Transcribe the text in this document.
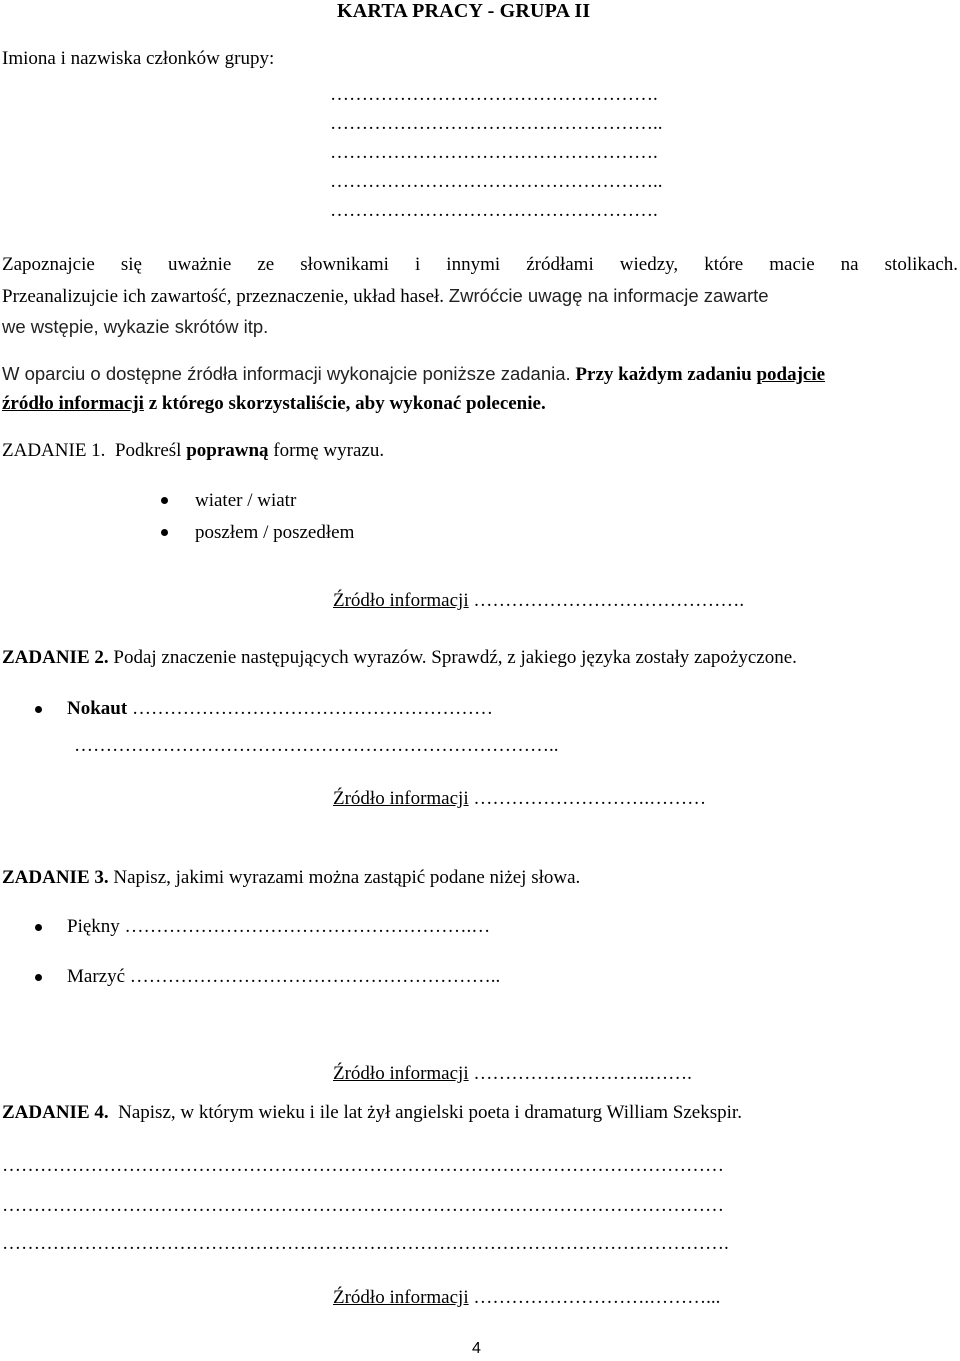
KARTA PRACY - GRUPA II
Imiona i nazwiska członków grupy:
…………………………………………….
……………………………………………..
…………………………………………….
……………………………………………..
…………………………………………….
Zapoznajcie się uważnie ze słownikami i innymi źródłami wiedzy, które macie na stolikach.
Przeanalizujcie ich zawartość, przeznaczenie, układ haseł. Zwróćcie uwagę na informacje zawarte
we wstępie, wykazie skrótów itp.
W oparciu o dostępne źródła informacji wykonajcie poniższe zadania. Przy każdym zadaniu podajcie
źródło informacji z którego skorzystaliście, aby wykonać polecenie.
ZADANIE 1. Podkreśl poprawną formę wyrazu.
wiater / wiatr
poszłem / poszedłem
Źródło informacji …………………………………….
ZADANIE 2. Podaj znaczenie następujących wyrazów. Sprawdź, z jakiego języka zostały zapożyczone.
Nokaut …………………………………………………
…………………………………………………………………..
Źródło informacji ……………………….………
ZADANIE 3. Napisz, jakimi wyrazami można zastąpić podane niżej słowa.
Piękny ……………………………………………….…
Marzyć …………………………………………………..
Źródło informacji ……………………….…….
ZADANIE 4. Napisz, w którym wieku i ile lat żył angielski poeta i dramaturg William Szekspir.
……………………………………………………………………………………………………
……………………………………………………………………………………………………
…………………………………………………………………………………………………….
Źródło informacji ……………………….………...
4
